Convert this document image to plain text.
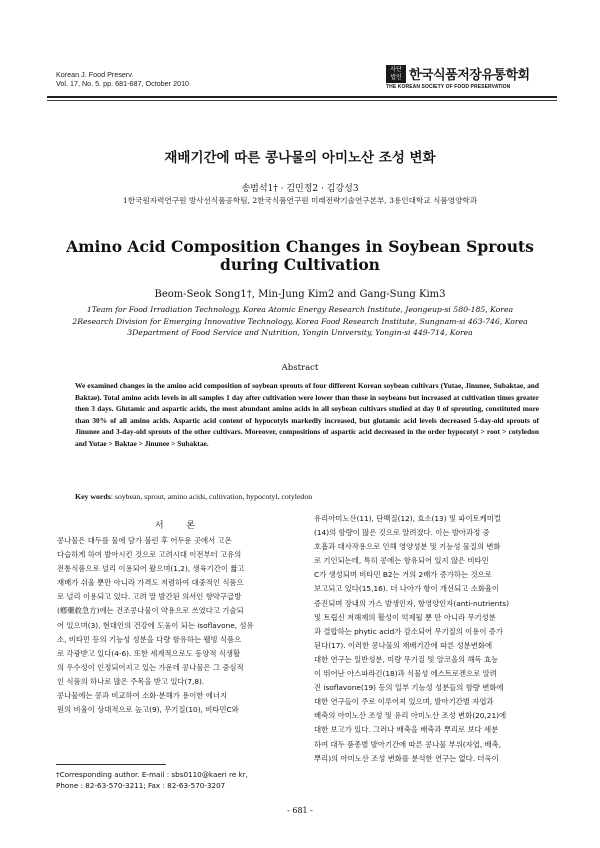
Korean J. Food Preserv.
Vol. 17, No. 5. pp. 681-687, October 2010
사단
법인 한국식품저장유통학회
THE KOREAN SOCIETY OF FOOD PRESERVATION
재배기간에 따른 콩나물의 아미노산 조성 변화
송범석1† · 김민정2 · 김강성3
1한국원자력연구원 방사선식품공학팀, 2한국식품연구원 미래전략기술연구본부, 3용인대학교 식품영양학과
Amino Acid Composition Changes in Soybean Sprouts during Cultivation
Beom-Seok Song1†, Min-Jung Kim2 and Gang-Sung Kim3
1Team for Food Irradiation Technology, Korea Atomic Energy Research Institute, Jeongeup-si 580-185, Korea
2Research Division for Emerging Innovative Technology, Korea Food Research Institute, Sungnam-si 463-746, Korea
3Department of Food Service and Nutrition, Yongin University, Yongin-si 449-714, Korea
Abstract
We examined changes in the amino acid composition of soybean sprouts of four different Korean soybean cultivars (Yutae, Jinunee, Subaktae, and Baktae). Total amino acids levels in all samples 1 day after cultivation were lower than those in soybeans but increased at cultivation times greater then 3 days. Glutamic and aspartic acids, the most abundant amino acids in all soybean cultivars studied at day 0 of sprouting, constituted more than 30% of all amino acids. Aspartic acid content of hypocotyls markedly increased, but glutamic acid levels decreased 5-day-old sprouts of Jinunee and 3-day-old sprouts of the other cultivars. Moreover, compositions of aspartic acid decreased in the order hypocotyl > root > cotyledon and Yutae > Baktae > Jinunee > Subaktae.
Key words: soybean, sprout, amino acids, cultivation, hypocotyl, cotyledon
서 론
콩나물은 대두를 물에 담가 불린 후 어두운 곳에서 고온
다습하게 하여 발아시킨 것으로 고려시대 이전부터 고유의
전통식품으로 널리 이용되어 왔으며(1,2), 생육기간이 짧고
재배가 쉬울 뿐만 아니라 가격도 저렴하여 대중적인 식품으
로 널리 이용되고 있다. 고려 말 발간된 의서인 향약구급방
(鄕藥救急方)에는 건조콩나물이 약용으로 쓰였다고 기술되
어 있으며(3), 현대인의 건강에 도움이 되는 isoflavone, 섬유
소, 비타민 등의 기능성 성분을 다량 함유하는 웰빙 식품으
로 각광받고 있다(4-6). 또한 세계적으로도 동양적 식생활
의 우수성이 인정되어지고 있는 가운데 콩나물은 그 중심적
인 식품의 하나로 많은 주목을 받고 있다(7,8).
콩나물에는 콩과 비교하여 소화·분해가 용이한 에너지
원의 비율이 상대적으로 높고(9), 무기질(10), 비타민C와
유리아미노산(11), 단백질(12), 효소(13) 및 파이토케미컬
(14)의 함량이 많은 것으로 알려졌다. 이는 발아과정 중
호흡과 대사작용으로 인해 영양성분 및 기능성 물질의 변화
로 기인되는데, 특히 콩에는 함유되어 있지 않은 비타민
C가 생성되며 비타민 B2는 거의 2배가 증가하는 것으로
보고되고 있다(15,16). 더 나아가 항이 개선되고 소화율이
증진되며 장내의 가스 발생인자, 항영양인자(anti-nutrients)
및 트립신 저해제의 활성이 억제될 뿐 만 아니라 무기성분
과 결합하는 phytic acid가 감소되어 무기질의 이용이 증가
된다(17). 이러한 콩나물의 재배기간에 따른 성분변화에
대한 연구는 일반성분, 미량 무기질 및 알코올의 해독 효능
이 뛰어난 아스파라긴(18)과 식물성 에스트로겐으로 알려
진 isoflavone(19) 등의 일부 기능성 성분들의 함량 변화에
대한 연구들이 주로 이루어져 있으며, 발아기간별 자엽과
배축의 아미노산 조성 및 유리 아미노산 조성 변화(20,21)에
대한 보고가 있다. 그러나 배축을 배축과 뿌리로 보다 세분
하여 대두 품종별 발아기간에 따른 콩나물 부위(자엽, 배축,
뿌리)의 아미노산 조성 변화를 분석한 연구는 없다. 더욱이
†Corresponding author. E-mail : sbs0110@kaeri re kr,
Phone : 82-63-570-3211; Fax : 82-63-570-3207
- 681 -
